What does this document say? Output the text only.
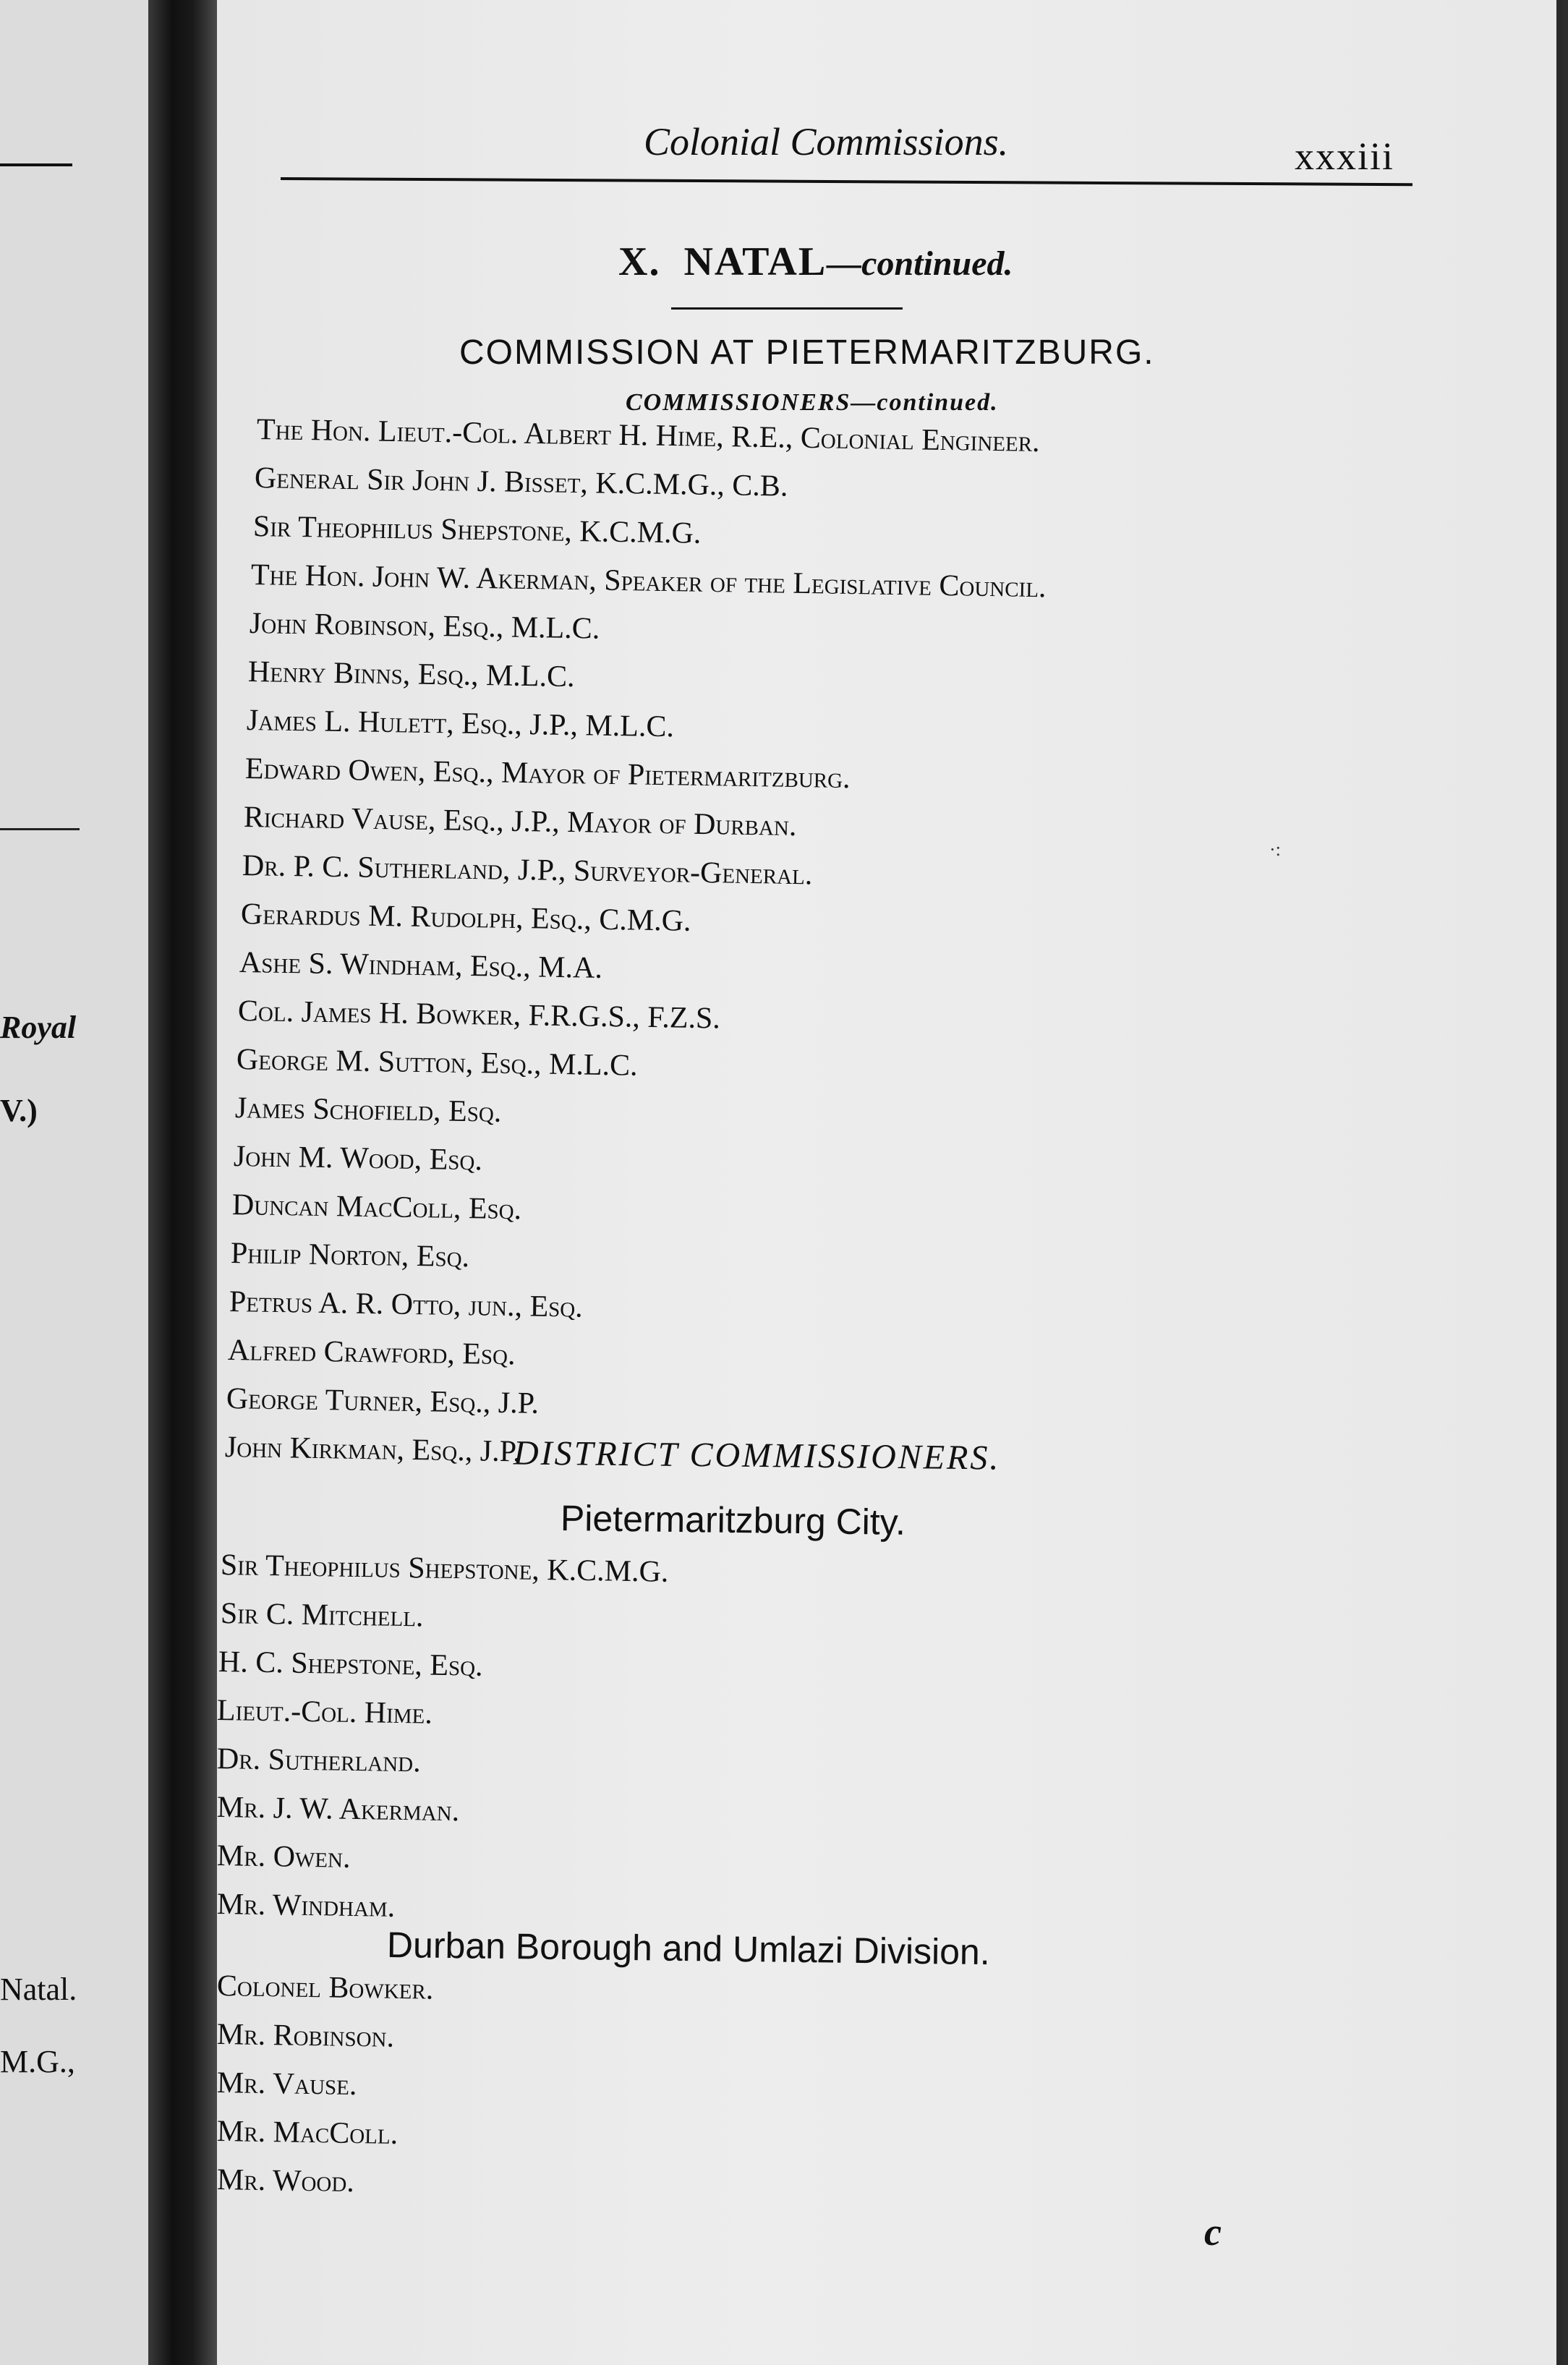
Royal
V.)
Natal.
M.G.,
Colonial Commissions.	xxxiii
X. NATAL—continued.
COMMISSION AT PIETERMARITZBURG.
COMMISSIONERS—continued.
The Hon. Lieut.-Col. Albert H. Hime, R.E., Colonial Engineer.
General Sir John J. Bisset, K.C.M.G., C.B.
Sir Theophilus Shepstone, K.C.M.G.
The Hon. John W. Akerman, Speaker of the Legislative Council.
John Robinson, Esq., M.L.C.
Henry Binns, Esq., M.L.C.
James L. Hulett, Esq., J.P., M.L.C.
Edward Owen, Esq., Mayor of Pietermaritzburg.
Richard Vause, Esq., J.P., Mayor of Durban.
Dr. P. C. Sutherland, J.P., Surveyor-General.
Gerardus M. Rudolph, Esq., C.M.G.
Ashe S. Windham, Esq., M.A.
Col. James H. Bowker, F.R.G.S., F.Z.S.
George M. Sutton, Esq., M.L.C.
James Schofield, Esq.
John M. Wood, Esq.
Duncan MacColl, Esq.
Philip Norton, Esq.
Petrus A. R. Otto, jun., Esq.
Alfred Crawford, Esq.
George Turner, Esq., J.P.
John Kirkman, Esq., J.P.
DISTRICT COMMISSIONERS.
Pietermaritzburg City.
Sir Theophilus Shepstone, K.C.M.G.
Sir C. Mitchell.
H. C. Shepstone, Esq.
Lieut.-Col. Hime.
Dr. Sutherland.
Mr. J. W. Akerman.
Mr. Owen.
Mr. Windham.
Durban Borough and Umlazi Division.
Colonel Bowker.
Mr. Robinson.
Mr. Vause.
Mr. MacColl.
Mr. Wood.
·:
c
